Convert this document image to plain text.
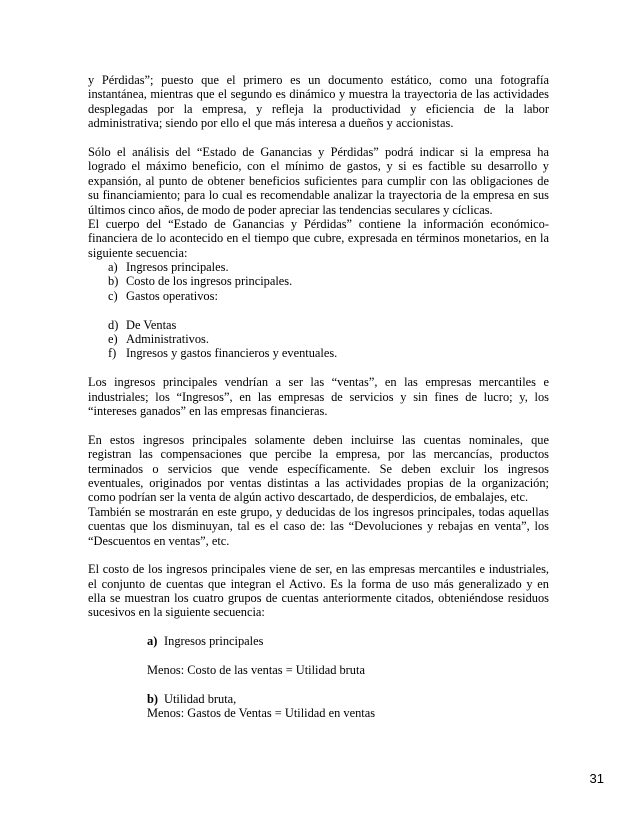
y Pérdidas”; puesto que el primero es un documento estático, como una fotografía
instantánea, mientras que el segundo es dinámico y muestra la trayectoria de las actividades
desplegadas por la empresa, y refleja la productividad y eficiencia de la labor
administrativa; siendo por ello el que más interesa a dueños y accionistas.
Sólo el análisis del “Estado de Ganancias y Pérdidas” podrá indicar si la empresa ha
logrado el máximo beneficio, con el mínimo de gastos, y si es factible su desarrollo y
expansión, al punto de obtener beneficios suficientes para cumplir con las obligaciones de
su financiamiento; para lo cual es recomendable analizar la trayectoria de la empresa en sus
últimos cinco años, de modo de poder apreciar las tendencias seculares y cíclicas.
El cuerpo del “Estado de Ganancias y Pérdidas” contiene la información económico-
financiera de lo acontecido en el tiempo que cubre, expresada en términos monetarios, en la
siguiente secuencia:
a) Ingresos principales.
b) Costo de los ingresos principales.
c) Gastos operativos:
d) De Ventas
e) Administrativos.
f) Ingresos y gastos financieros y eventuales.
Los ingresos principales vendrían a ser las “ventas”, en las empresas mercantiles e
industriales; los “Ingresos”, en las empresas de servicios y sin fines de lucro; y, los
“intereses ganados” en las empresas financieras.
En estos ingresos principales solamente deben incluirse las cuentas nominales, que
registran las compensaciones que percibe la empresa, por las mercancías, productos
terminados o servicios que vende específicamente. Se deben excluir los ingresos
eventuales, originados por ventas distintas a las actividades propias de la organización;
como podrían ser la venta de algún activo descartado, de desperdicios, de embalajes, etc.
También se mostrarán en este grupo, y deducidas de los ingresos principales, todas aquellas
cuentas que los disminuyan, tal es el caso de: las “Devoluciones y rebajas en venta”, los
“Descuentos en ventas”, etc.
El costo de los ingresos principales viene de ser, en las empresas mercantiles e industriales,
el conjunto de cuentas que integran el Activo. Es la forma de uso más generalizado y en
ella se muestran los cuatro grupos de cuentas anteriormente citados, obteniéndose residuos
sucesivos en la siguiente secuencia:
a) Ingresos principales
Menos: Costo de las ventas = Utilidad bruta
b) Utilidad bruta,
Menos: Gastos de Ventas = Utilidad en ventas
31
